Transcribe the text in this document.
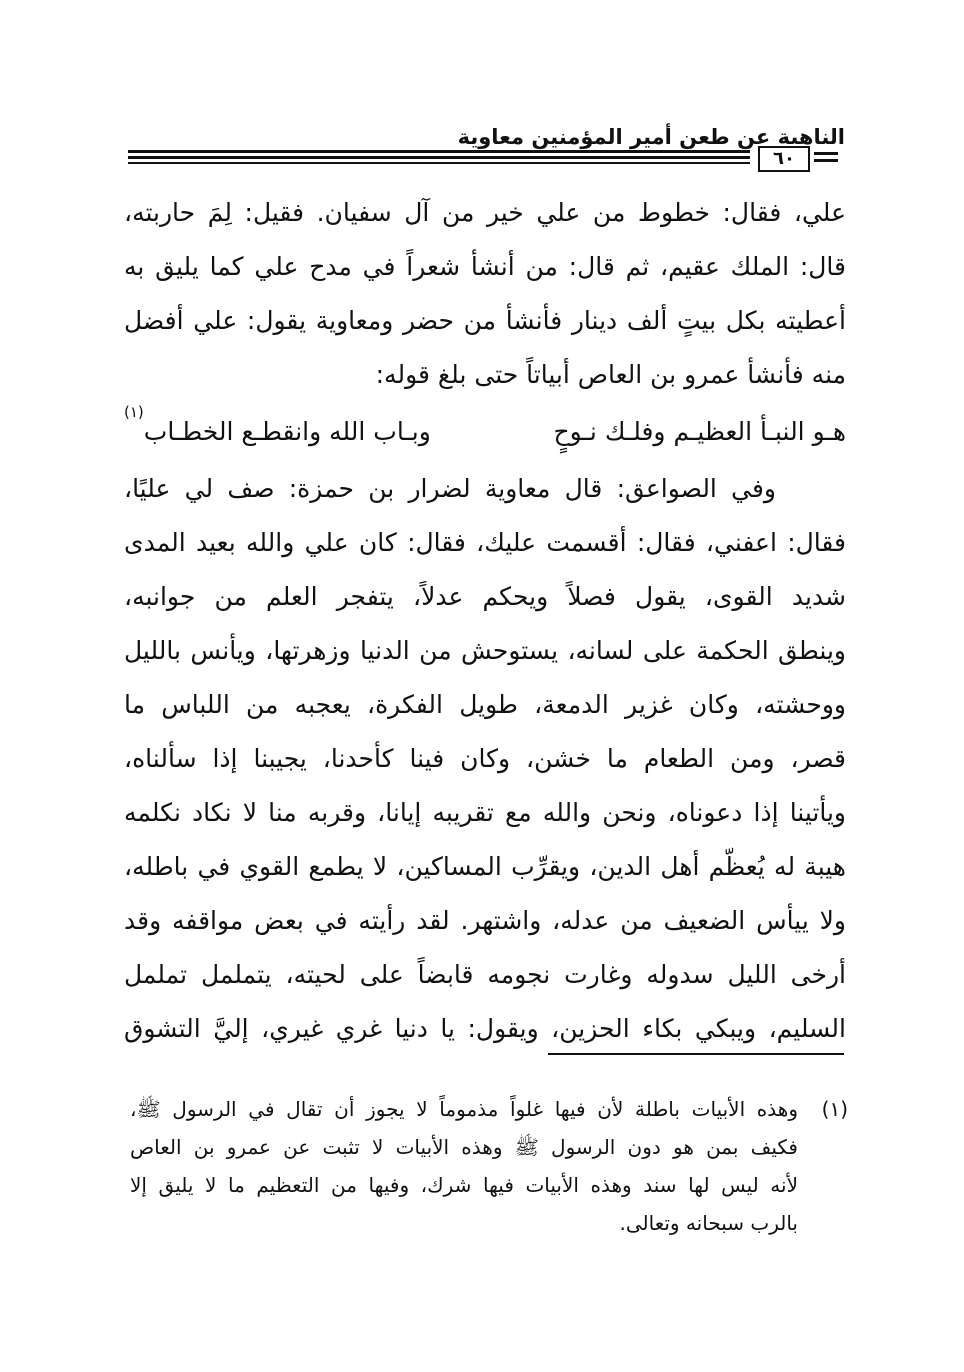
الناهية عن طعن أمير المؤمنين معاوية
٦٠
علي، فقال: خطوط من علي خير من آل سفيان. فقيل: لِمَ حاربته،
قال: الملك عقيم، ثم قال: من أنشأ شعراً في مدح علي كما يليق به
أعطيته بكل بيتٍ ألف دينار فأنشأ من حضر ومعاوية يقول: علي أفضل
منه فأنشأ عمرو بن العاص أبياتاً حتى بلغ قوله:
هـو النبـأ العظيـم وفلـك نـوحٍ
وبـاب الله وانقطـع الخطـاب$^{(١)}$
وفي الصواعق: قال معاوية لضرار بن حمزة: صف لي عليًا،
فقال: اعفني، فقال: أقسمت عليك، فقال: كان علي والله بعيد المدى
شديد القوى، يقول فصلاً ويحكم عدلاً، يتفجر العلم من جوانبه،
وينطق الحكمة على لسانه، يستوحش من الدنيا وزهرتها، ويأنس بالليل
ووحشته، وكان غزير الدمعة، طويل الفكرة، يعجبه من اللباس ما
قصر، ومن الطعام ما خشن، وكان فينا كأحدنا، يجيبنا إذا سألناه،
ويأتينا إذا دعوناه، ونحن والله مع تقريبه إيانا، وقربه منا لا نكاد نكلمه
هيبة له يُعظّم أهل الدين، ويقرِّب المساكين، لا يطمع القوي في باطله،
ولا ييأس الضعيف من عدله، واشتهر. لقد رأيته في بعض مواقفه وقد
أرخى الليل سدوله وغارت نجومه قابضاً على لحيته، يتململ تململ
السليم، ويبكي بكاء الحزين، ويقول: يا دنيا غري غيري، إليَّ التشوق
(١)
وهذه الأبيات باطلة لأن فيها غلواً مذموماً لا يجوز أن تقال في الرسول ﷺ،
فكيف بمن هو دون الرسول ﷺ وهذه الأبيات لا تثبت عن عمرو بن العاص
لأنه ليس لها سند وهذه الأبيات فيها شرك، وفيها من التعظيم ما لا يليق إلا
بالرب سبحانه وتعالى.
